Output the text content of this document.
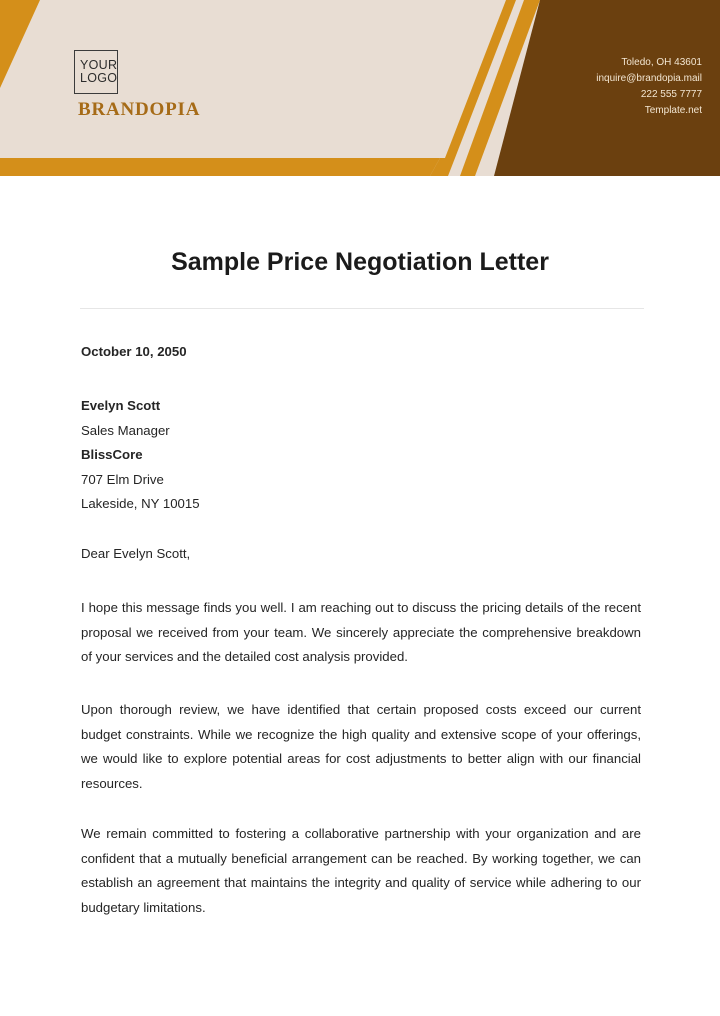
YOUR
LOGO
BRANDOPIA
Toledo, OH 43601
inquire@brandopia.mail
222 555 7777
Template.net
Sample Price Negotiation Letter
October 10, 2050
Evelyn Scott
Sales Manager
BlissCore
707 Elm Drive
Lakeside, NY 10015
Dear Evelyn Scott,
I hope this message finds you well. I am reaching out to discuss the pricing details of the recent proposal we received from your team. We sincerely appreciate the comprehensive breakdown of your services and the detailed cost analysis provided.
Upon thorough review, we have identified that certain proposed costs exceed our current budget constraints. While we recognize the high quality and extensive scope of your offerings, we would like to explore potential areas for cost adjustments to better align with our financial resources.
We remain committed to fostering a collaborative partnership with your organization and are confident that a mutually beneficial arrangement can be reached. By working together, we can establish an agreement that maintains the integrity and quality of service while adhering to our budgetary limitations.
